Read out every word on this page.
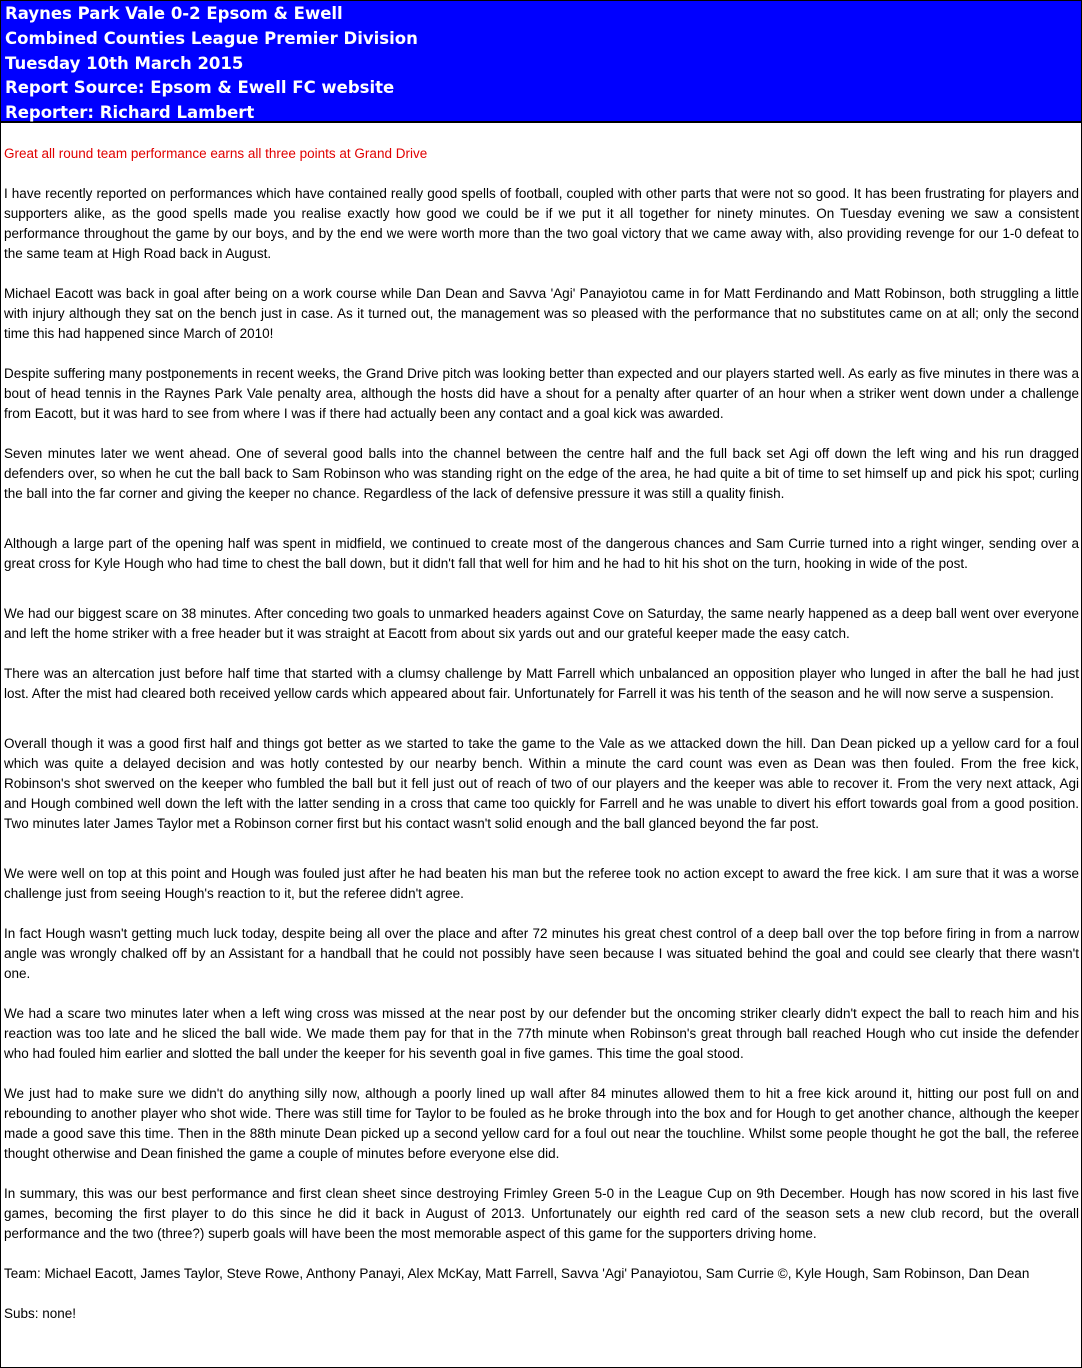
Raynes Park Vale 0-2 Epsom & Ewell
Combined Counties League Premier Division
Tuesday 10th March 2015
Report Source: Epsom & Ewell FC website
Reporter: Richard Lambert
Great all round team performance earns all three points at Grand Drive

I have recently reported on performances which have contained really good spells of football, coupled with other parts that were not so good. It has been frustrating for players and supporters alike, as the good spells made you realise exactly how good we could be if we put it all together for ninety minutes. On Tuesday evening we saw a consistent performance throughout the game by our boys, and by the end we were worth more than the two goal victory that we came away with, also providing revenge for our 1-0 defeat to the same team at High Road back in August.

Michael Eacott was back in goal after being on a work course while Dan Dean and Savva 'Agi' Panayiotou came in for Matt Ferdinando and Matt Robinson, both struggling a little with injury although they sat on the bench just in case. As it turned out, the management was so pleased with the performance that no substitutes came on at all; only the second time this had happened since March of 2010!

Despite suffering many postponements in recent weeks, the Grand Drive pitch was looking better than expected and our players started well. As early as five minutes in there was a bout of head tennis in the Raynes Park Vale penalty area, although the hosts did have a shout for a penalty after quarter of an hour when a striker went down under a challenge from Eacott, but it was hard to see from where I was if there had actually been any contact and a goal kick was awarded.

Seven minutes later we went ahead. One of several good balls into the channel between the centre half and the full back set Agi off down the left wing and his run dragged defenders over, so when he cut the ball back to Sam Robinson who was standing right on the edge of the area, he had quite a bit of time to set himself up and pick his spot; curling the ball into the far corner and giving the keeper no chance. Regardless of the lack of defensive pressure it was still a quality finish.

Although a large part of the opening half was spent in midfield, we continued to create most of the dangerous chances and Sam Currie turned into a right winger, sending over a great cross for Kyle Hough who had time to chest the ball down, but it didn't fall that well for him and he had to hit his shot on the turn, hooking in wide of the post.

We had our biggest scare on 38 minutes. After conceding two goals to unmarked headers against Cove on Saturday, the same nearly happened as a deep ball went over everyone and left the home striker with a free header but it was straight at Eacott from about six yards out and our grateful keeper made the easy catch.

There was an altercation just before half time that started with a clumsy challenge by Matt Farrell which unbalanced an opposition player who lunged in after the ball he had just lost. After the mist had cleared both received yellow cards which appeared about fair. Unfortunately for Farrell it was his tenth of the season and he will now serve a suspension.

Overall though it was a good first half and things got better as we started to take the game to the Vale as we attacked down the hill. Dan Dean picked up a yellow card for a foul which was quite a delayed decision and was hotly contested by our nearby bench. Within a minute the card count was even as Dean was then fouled. From the free kick, Robinson's shot swerved on the keeper who fumbled the ball but it fell just out of reach of two of our players and the keeper was able to recover it. From the very next attack, Agi and Hough combined well down the left with the latter sending in a cross that came too quickly for Farrell and he was unable to divert his effort towards goal from a good position. Two minutes later James Taylor met a Robinson corner first but his contact wasn't solid enough and the ball glanced beyond the far post.

We were well on top at this point and Hough was fouled just after he had beaten his man but the referee took no action except to award the free kick. I am sure that it was a worse challenge just from seeing Hough's reaction to it, but the referee didn't agree.

In fact Hough wasn't getting much luck today, despite being all over the place and after 72 minutes his great chest control of a deep ball over the top before firing in from a narrow angle was wrongly chalked off by an Assistant for a handball that he could not possibly have seen because I was situated behind the goal and could see clearly that there wasn't one.

We had a scare two minutes later when a left wing cross was missed at the near post by our defender but the oncoming striker clearly didn't expect the ball to reach him and his reaction was too late and he sliced the ball wide. We made them pay for that in the 77th minute when Robinson's great through ball reached Hough who cut inside the defender who had fouled him earlier and slotted the ball under the keeper for his seventh goal in five games. This time the goal stood.

We just had to make sure we didn't do anything silly now, although a poorly lined up wall after 84 minutes allowed them to hit a free kick around it, hitting our post full on and rebounding to another player who shot wide. There was still time for Taylor to be fouled as he broke through into the box and for Hough to get another chance, although the keeper made a good save this time. Then in the 88th minute Dean picked up a second yellow card for a foul out near the touchline. Whilst some people thought he got the ball, the referee thought otherwise and Dean finished the game a couple of minutes before everyone else did.

In summary, this was our best performance and first clean sheet since destroying Frimley Green 5-0 in the League Cup on 9th December. Hough has now scored in his last five games, becoming the first player to do this since he did it back in August of 2013. Unfortunately our eighth red card of the season sets a new club record, but the overall performance and the two (three?) superb goals will have been the most memorable aspect of this game for the supporters driving home.

Team: Michael Eacott, James Taylor, Steve Rowe, Anthony Panayi, Alex McKay, Matt Farrell, Savva 'Agi' Panayiotou, Sam Currie ©, Kyle Hough, Sam Robinson, Dan Dean

Subs: none!
